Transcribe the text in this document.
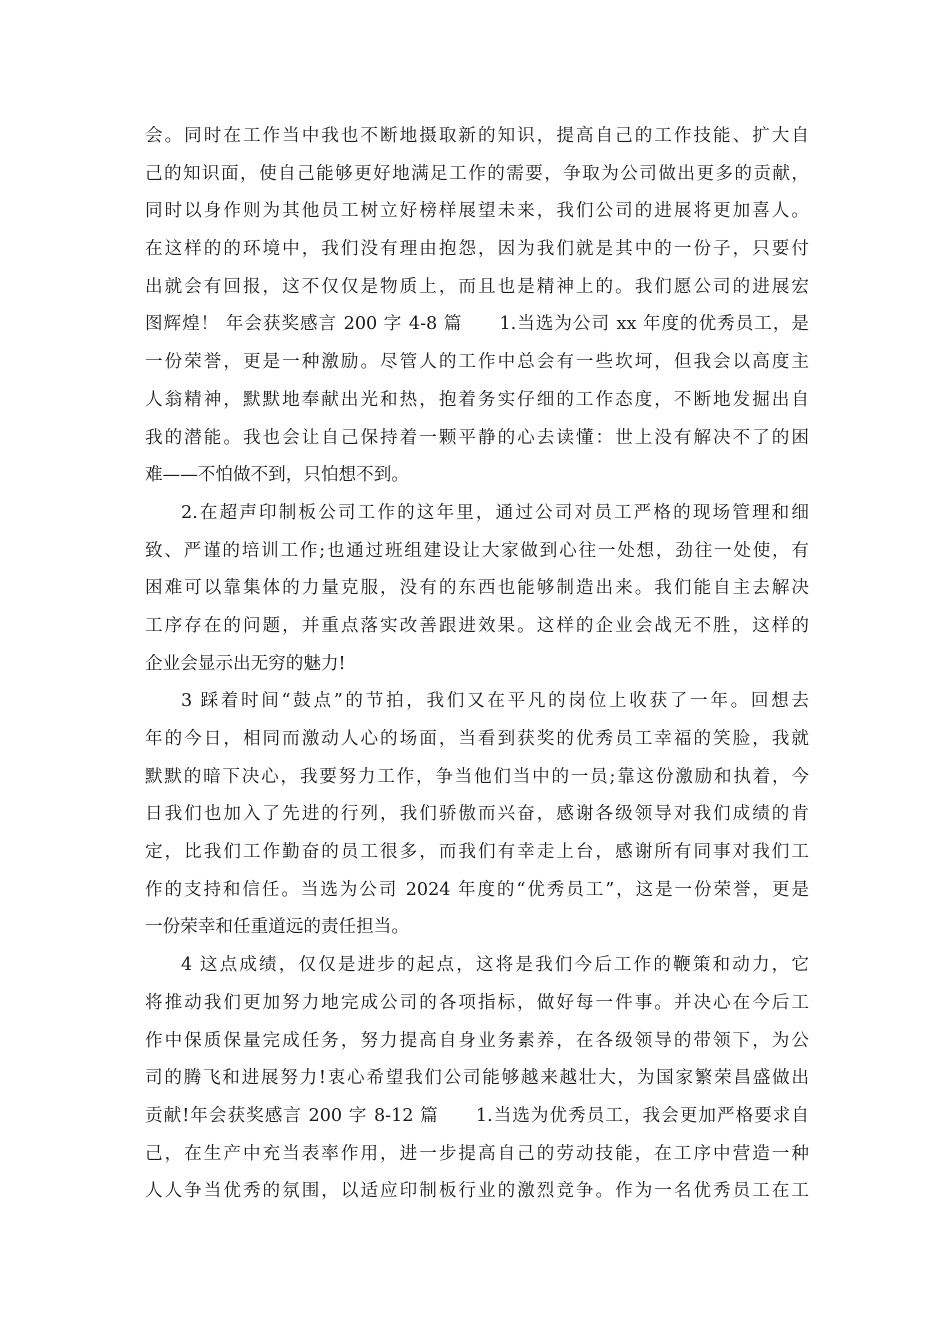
会。同时在工作当中我也不断地摄取新的知识，提高自己的工作技能、扩大自
己的知识面，使自己能够更好地满足工作的需要，争取为公司做出更多的贡献，
同时以身作则为其他员工树立好榜样展望未来，我们公司的进展将更加喜人。
在这样的的环境中，我们没有理由抱怨，因为我们就是其中的一份子，只要付
出就会有回报，这不仅仅是物质上，而且也是精神上的。我们愿公司的进展宏
图辉煌！ 年会获奖感言 200 字 4-8 篇　　1.当选为公司 xx 年度的优秀员工，是
一份荣誉，更是一种激励。尽管人的工作中总会有一些坎坷，但我会以高度主
人翁精神，默默地奉献出光和热，抱着务实仔细的工作态度，不断地发掘出自
我的潜能。我也会让自己保持着一颗平静的心去读懂：世上没有解决不了的困
难——不怕做不到，只怕想不到。
2.在超声印制板公司工作的这年里，通过公司对员工严格的现场管理和细
致、严谨的培训工作;也通过班组建设让大家做到心往一处想，劲往一处使，有
困难可以靠集体的力量克服，没有的东西也能够制造出来。我们能自主去解决
工序存在的问题，并重点落实改善跟进效果。这样的企业会战无不胜，这样的
企业会显示出无穷的魅力!
3 踩着时间“鼓点”的节拍，我们又在平凡的岗位上收获了一年。回想去
年的今日，相同而激动人心的场面，当看到获奖的优秀员工幸福的笑脸，我就
默默的暗下决心，我要努力工作，争当他们当中的一员;靠这份激励和执着，今
日我们也加入了先进的行列，我们骄傲而兴奋，感谢各级领导对我们成绩的肯
定，比我们工作勤奋的员工很多，而我们有幸走上台，感谢所有同事对我们工
作的支持和信任。当选为公司 2024 年度的“优秀员工”，这是一份荣誉，更是
一份荣幸和任重道远的责任担当。
4 这点成绩，仅仅是进步的起点，这将是我们今后工作的鞭策和动力，它
将推动我们更加努力地完成公司的各项指标，做好每一件事。并决心在今后工
作中保质保量完成任务，努力提高自身业务素养，在各级领导的带领下，为公
司的腾飞和进展努力!衷心希望我们公司能够越来越壮大，为国家繁荣昌盛做出
贡献!年会获奖感言 200 字 8-12 篇　　1.当选为优秀员工，我会更加严格要求自
己，在生产中充当表率作用，进一步提高自己的劳动技能，在工序中营造一种
人人争当优秀的氛围，以适应印制板行业的激烈竞争。作为一名优秀员工在工
